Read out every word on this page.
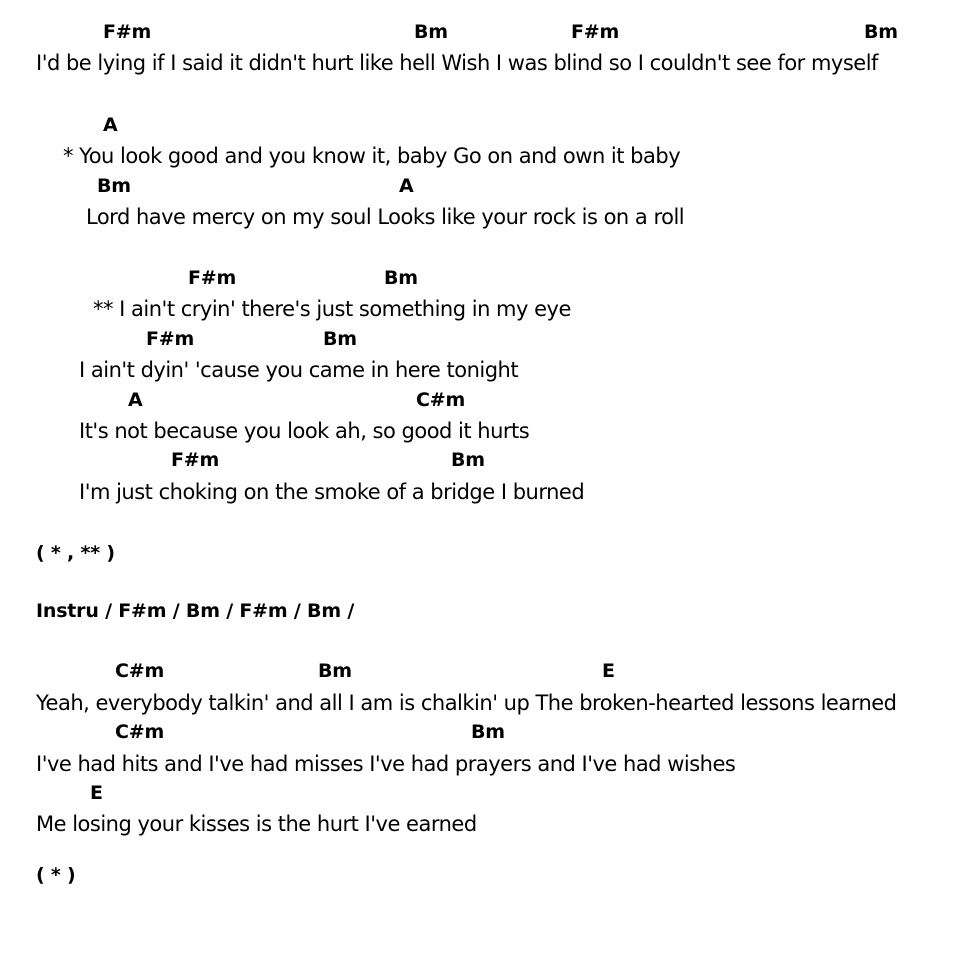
F#m	Bm	F#m	Bm
I'd be lying if I said it didn't hurt like hell Wish I was blind so I couldn't see for myself
A
* You look good and you know it, baby Go on and own it baby
Bm	A
Lord have mercy on my soul Looks like your rock is on a roll
F#m	Bm
** I ain't cryin' there's just something in my eye
F#m	Bm
I ain't dyin' 'cause you came in here tonight
A	C#m
It's not because you look ah, so good it hurts
F#m	Bm
I'm just choking on the smoke of a bridge I burned
( * , ** )
Instru / F#m / Bm / F#m / Bm /
C#m	Bm	E
Yeah, everybody talkin' and all I am is chalkin' up The broken-hearted lessons learned
C#m	Bm
I've had hits and I've had misses I've had prayers and I've had wishes
E
Me losing your kisses is the hurt I've earned
( * )
